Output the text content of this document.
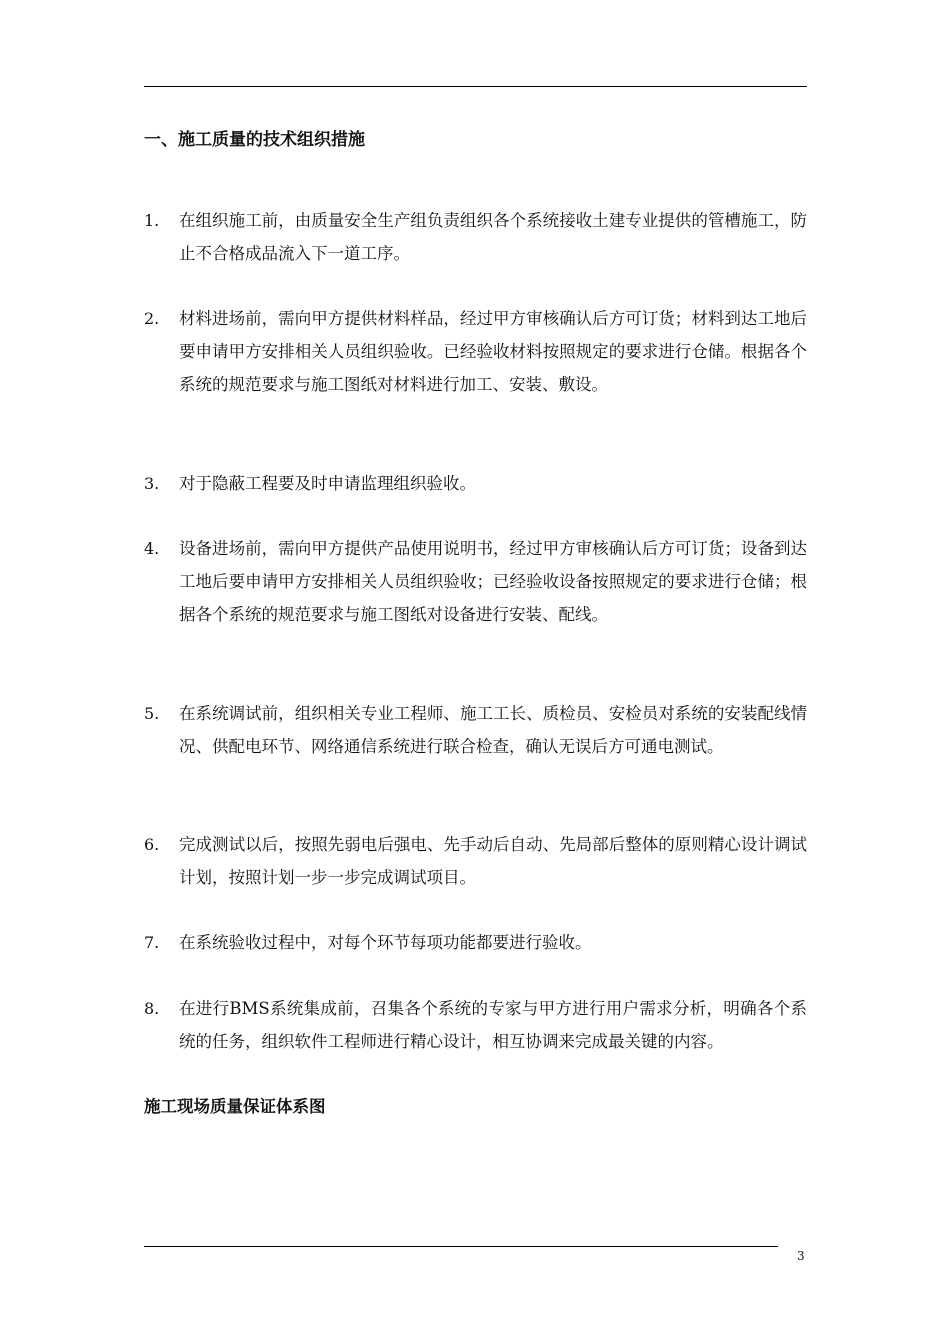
一、施工质量的技术组织措施
1. 在组织施工前，由质量安全生产组负责组织各个系统接收土建专业提供的管槽施工，防止不合格成品流入下一道工序。

2. 材料进场前，需向甲方提供材料样品，经过甲方审核确认后方可订货；材料到达工地后要申请甲方安排相关人员组织验收。已经验收材料按照规定的要求进行仓储。根据各个系统的规范要求与施工图纸对材料进行加工、安装、敷设。

3. 对于隐蔽工程要及时申请监理组织验收。

4. 设备进场前，需向甲方提供产品使用说明书，经过甲方审核确认后方可订货；设备到达工地后要申请甲方安排相关人员组织验收；已经验收设备按照规定的要求进行仓储；根据各个系统的规范要求与施工图纸对设备进行安装、配线。

5. 在系统调试前，组织相关专业工程师、施工工长、质检员、安检员对系统的安装配线情况、供配电环节、网络通信系统进行联合检查，确认无误后方可通电测试。

6. 完成测试以后，按照先弱电后强电、先手动后自动、先局部后整体的原则精心设计调试计划，按照计划一步一步完成调试项目。

7. 在系统验收过程中，对每个环节每项功能都要进行验收。

8. 在进行BMS系统集成前，召集各个系统的专家与甲方进行用户需求分析，明确各个系统的任务，组织软件工程师进行精心设计，相互协调来完成最关键的内容。

施工现场质量保证体系图
3
